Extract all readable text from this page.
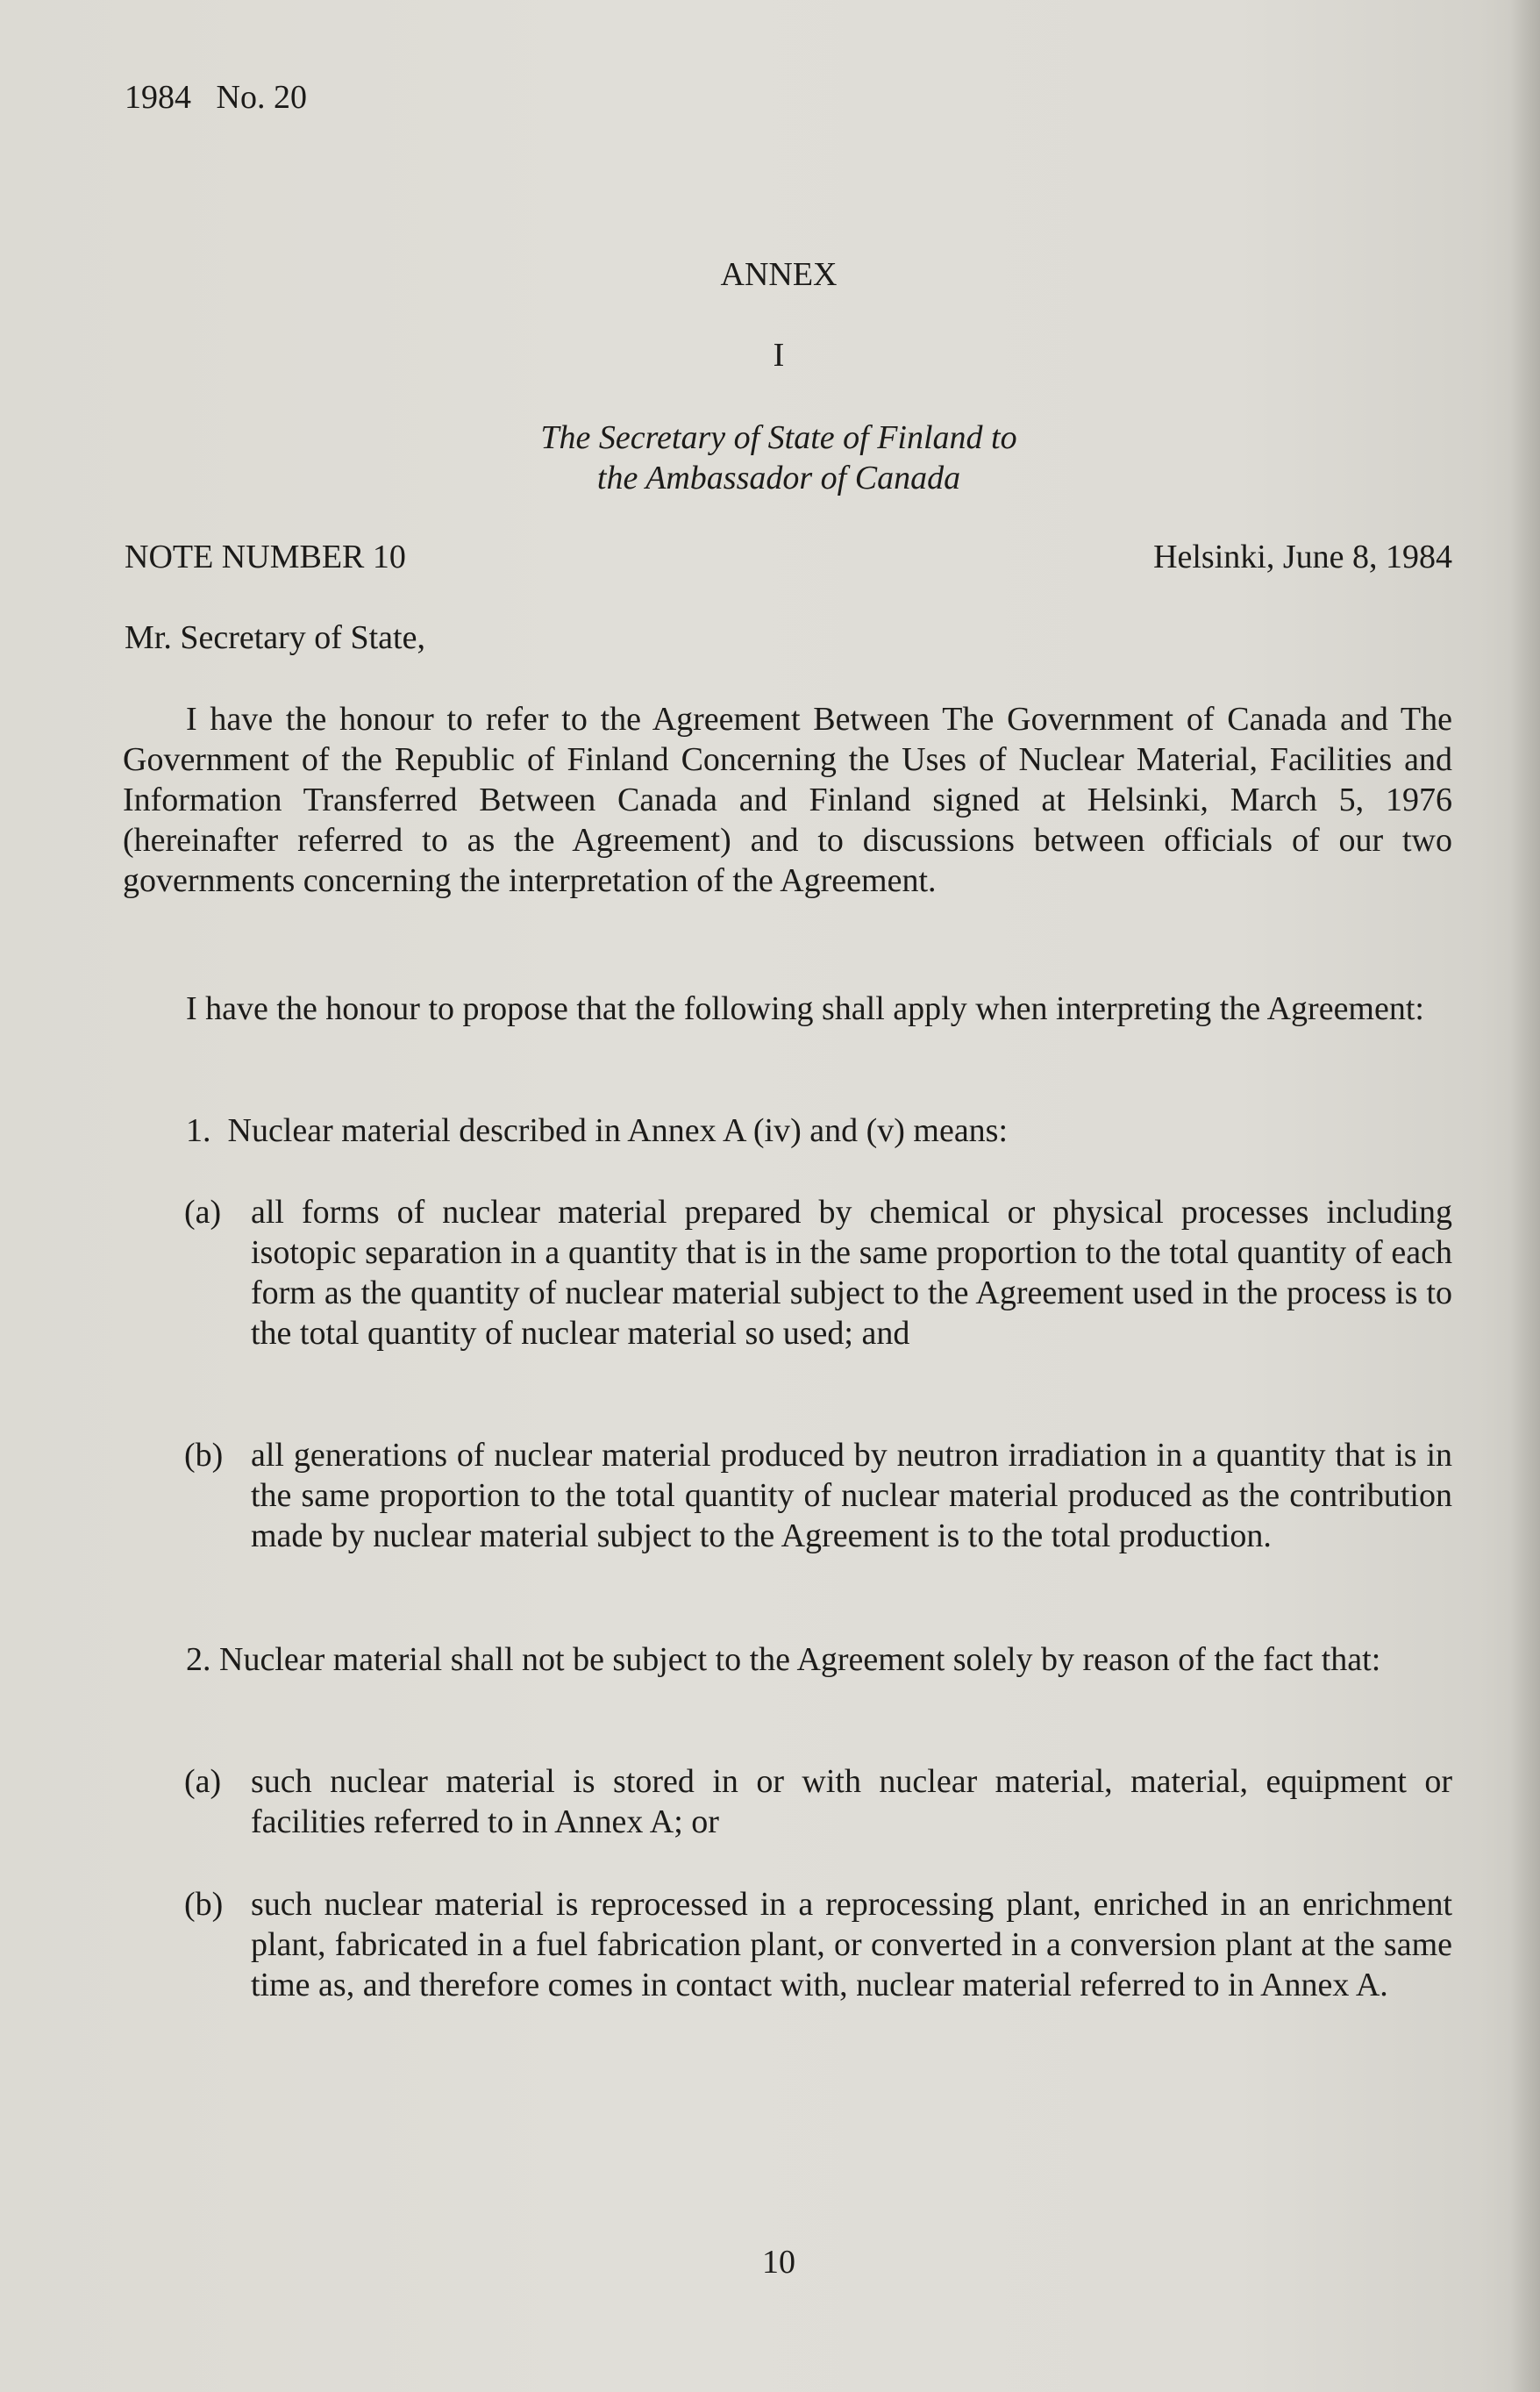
1984   No. 20
ANNEX
I
The Secretary of State of Finland to
the Ambassador of Canada
NOTE NUMBER 10	Helsinki, June 8, 1984
Mr. Secretary of State,
I have the honour to refer to the Agreement Between The Government of Canada and The Government of the Republic of Finland Concerning the Uses of Nuclear Material, Facilities and Information Transferred Between Canada and Finland signed at Helsinki, March 5, 1976 (hereinafter referred to as the Agreement) and to discussions between officials of our two governments concerning the interpretation of the Agreement.
I have the honour to propose that the following shall apply when interpreting the Agreement:
1.  Nuclear material described in Annex A (iv) and (v) means:
(a) all forms of nuclear material prepared by chemical or physical processes including isotopic separation in a quantity that is in the same proportion to the total quantity of each form as the quantity of nuclear material subject to the Agreement used in the process is to the total quantity of nuclear material so used; and
(b) all generations of nuclear material produced by neutron irradiation in a quantity that is in the same proportion to the total quantity of nuclear material produced as the contribution made by nuclear material subject to the Agreement is to the total production.
2. Nuclear material shall not be subject to the Agreement solely by reason of the fact that:
(a) such nuclear material is stored in or with nuclear material, material, equipment or facilities referred to in Annex A; or
(b) such nuclear material is reprocessed in a reprocessing plant, enriched in an enrichment plant, fabricated in a fuel fabrication plant, or converted in a conversion plant at the same time as, and therefore comes in contact with, nuclear material referred to in Annex A.
10
